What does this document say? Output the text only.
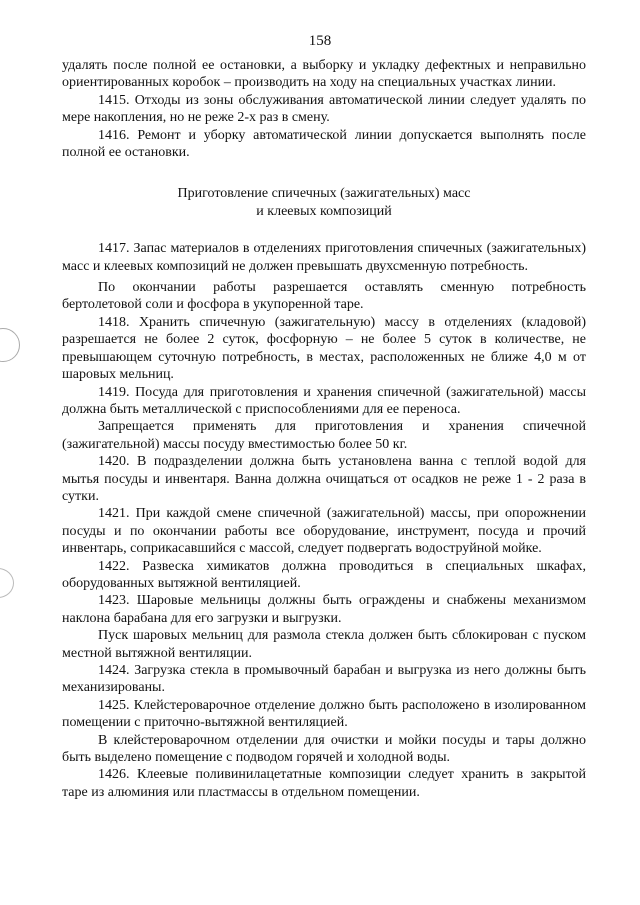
158

удалять после полной ее остановки, а выборку и укладку дефектных и неправильно ориентированных коробок – производить на ходу на специальных участках линии.

1415. Отходы из зоны обслуживания автоматической линии следует удалять по мере накопления, но не реже 2-х раз в смену.

1416. Ремонт и уборку автоматической линии допускается выполнять после полной ее остановки.

Приготовление спичечных (зажигательных) масс
и клеевых композиций

1417. Запас материалов в отделениях приготовления спичечных (зажигательных) масс и клеевых композиций не должен превышать двухсменную потребность.

По окончании работы разрешается оставлять сменную потребность бертолетовой соли и фосфора в укупоренной таре.

1418. Хранить спичечную (зажигательную) массу в отделениях (кладовой) разрешается не более 2 суток, фосфорную – не более 5 суток в количестве, не превышающем суточную потребность, в местах, расположенных не ближе 4,0 м от шаровых мельниц.

1419. Посуда для приготовления и хранения спичечной (зажигательной) массы должна быть металлической с приспособлениями для ее переноса.

Запрещается применять для приготовления и хранения спичечной (зажигательной) массы посуду вместимостью более 50 кг.

1420. В подразделении должна быть установлена ванна с теплой водой для мытья посуды и инвентаря. Ванна должна очищаться от осадков не реже 1 - 2 раза в сутки.

1421. При каждой смене спичечной (зажигательной) массы, при опорожнении посуды и по окончании работы все оборудование, инструмент, посуда и прочий инвентарь, соприкасавшийся с массой, следует подвергать водоструйной мойке.

1422. Развеска химикатов должна проводиться в специальных шкафах, оборудованных вытяжной вентиляцией.

1423. Шаровые мельницы должны быть ограждены и снабжены механизмом наклона барабана для его загрузки и выгрузки.

Пуск шаровых мельниц для размола стекла должен быть сблокирован с пуском местной вытяжной вентиляции.

1424. Загрузка стекла в промывочный барабан и выгрузка из него должны быть механизированы.

1425. Клейстероварочное отделение должно быть расположено в изолированном помещении с приточно-вытяжной вентиляцией.

В клейстероварочном отделении для очистки и мойки посуды и тары должно быть выделено помещение с подводом горячей и холодной воды.

1426. Клеевые поливинилацетатные композиции следует хранить в закрытой таре из алюминия или пластмассы в отдельном помещении.
